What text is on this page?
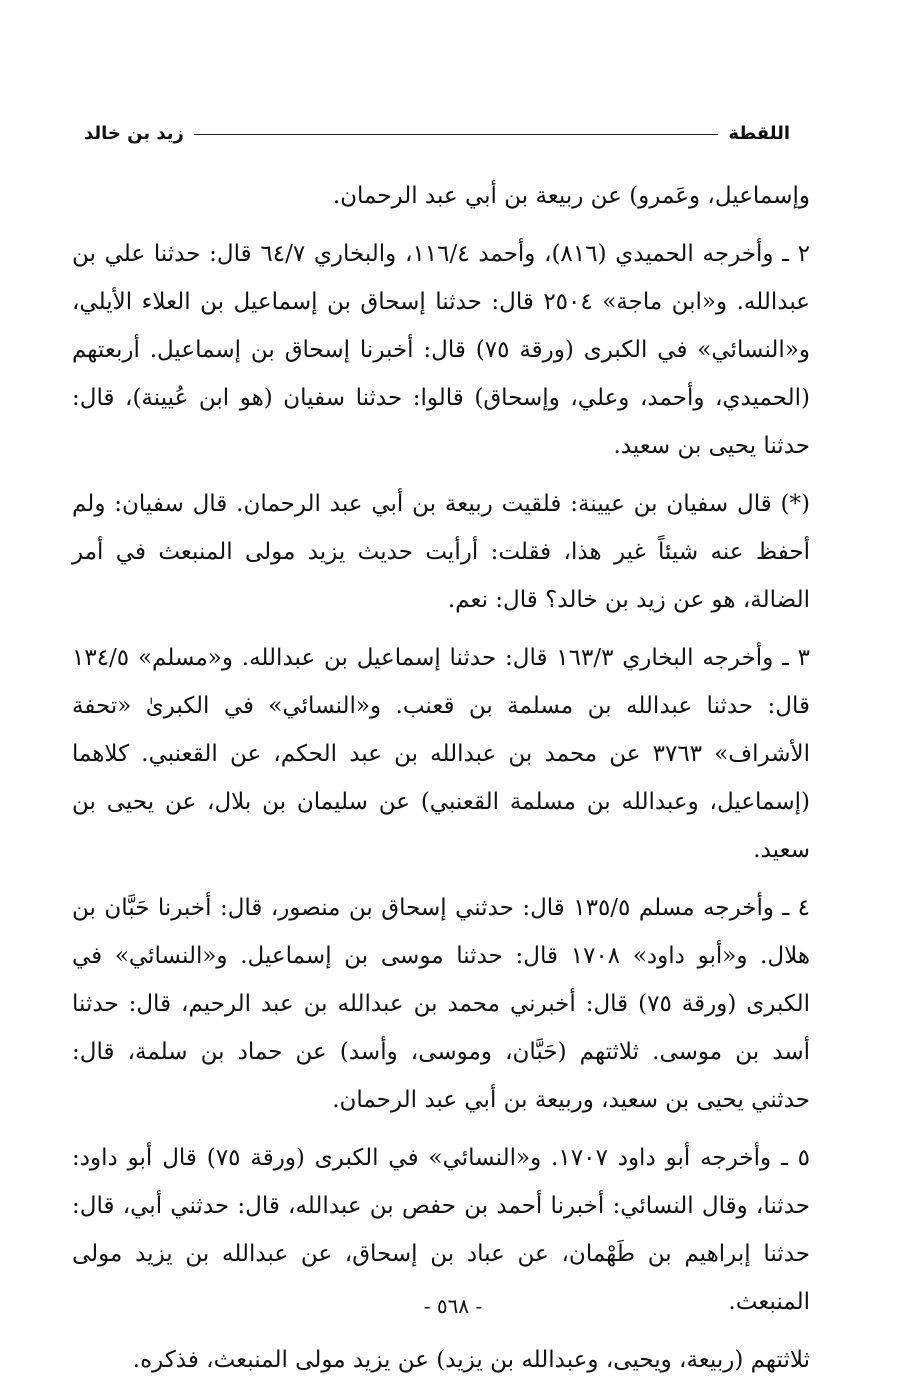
اللقطة
زيد بن خالد

وإسماعيل، وعَمرو) عن ربيعة بن أبي عبد الرحمان.

٢ ـ وأخرجه الحميدي (٨١٦)، وأحمد ١١٦/٤، والبخاري ٦٤/٧ قال: حدثنا علي بن عبدالله. و«ابن ماجة» ٢٥٠٤ قال: حدثنا إسحاق بن إسماعيل بن العلاء الأيلي، و«النسائي» في الكبرى (ورقة ٧٥) قال: أخبرنا إسحاق بن إسماعيل. أربعتهم (الحميدي، وأحمد، وعلي، وإسحاق) قالوا: حدثنا سفيان (هو ابن عُيينة)، قال: حدثنا يحيى بن سعيد.

(*) قال سفيان بن عيينة: فلقيت ربيعة بن أبي عبد الرحمان. قال سفيان: ولم أحفظ عنه شيئاً غير هذا، فقلت: أرأيت حديث يزيد مولى المنبعث في أمر الضالة، هو عن زيد بن خالد؟ قال: نعم.

٣ ـ وأخرجه البخاري ١٦٣/٣ قال: حدثنا إسماعيل بن عبدالله. و«مسلم» ١٣٤/٥ قال: حدثنا عبدالله بن مسلمة بن قعنب. و«النسائي» في الكبرىٰ «تحفة الأشراف» ٣٧٦٣ عن محمد بن عبدالله بن عبد الحكم، عن القعنبي. كلاهما (إسماعيل، وعبدالله بن مسلمة القعنبي) عن سليمان بن بلال، عن يحيى بن سعيد.

٤ ـ وأخرجه مسلم ١٣٥/٥ قال: حدثني إسحاق بن منصور، قال: أخبرنا حَبَّان بن هلال. و«أبو داود» ١٧٠٨ قال: حدثنا موسى بن إسماعيل. و«النسائي» في الكبرى (ورقة ٧٥) قال: أخبرني محمد بن عبدالله بن عبد الرحيم، قال: حدثنا أسد بن موسى. ثلاثتهم (حَبَّان، وموسى، وأسد) عن حماد بن سلمة، قال: حدثني يحيى بن سعيد، وربيعة بن أبي عبد الرحمان.

٥ ـ وأخرجه أبو داود ١٧٠٧. و«النسائي» في الكبرى (ورقة ٧٥) قال أبو داود: حدثنا، وقال النسائي: أخبرنا أحمد بن حفص بن عبدالله، قال: حدثني أبي، قال: حدثنا إبراهيم بن طَهْمان، عن عباد بن إسحاق، عن عبدالله بن يزيد مولى المنبعث.

ثلاثتهم (ربيعة، ويحيى، وعبدالله بن يزيد) عن يزيد مولى المنبعث، فذكره.

- ٥٦٨ -
